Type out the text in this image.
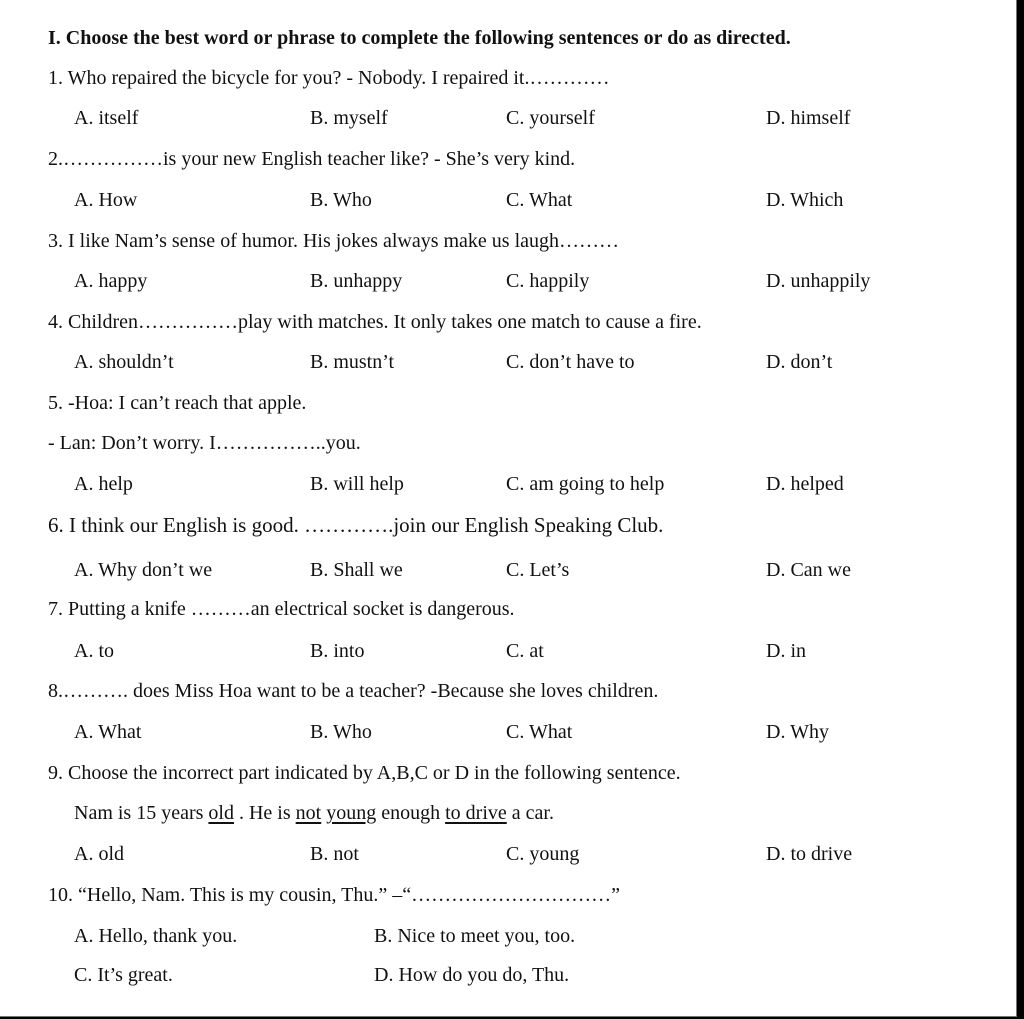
I. Choose the best word or phrase to complete the following sentences or do as directed.
1. Who repaired the bicycle for you? - Nobody. I repaired it.…………
A. itself	B. myself	C. yourself	D. himself
2.……………is your new English teacher like? - She’s very kind.
A. How	B. Who	C. What	D. Which
3. I like Nam’s sense of humor. His jokes always make us laugh………
A. happy	B. unhappy	C. happily	D. unhappily
4. Children……………play with matches. It only takes one match to cause a fire.
A. shouldn’t	B. mustn’t	C. don’t have to	D. don’t
5. -Hoa: I can’t reach that apple.
- Lan: Don’t worry. I……………..you.
A. help	B. will help	C. am going to help	D. helped
6. I think our English is good. ………….join our English Speaking Club.
A. Why don’t we	B. Shall we	C. Let’s	D. Can we
7. Putting a knife ………an electrical socket is dangerous.
A. to	B. into	C. at	D. in
8.………. does Miss Hoa want to be a teacher? -Because she loves children.
A. What	B. Who	C. What	D. Why
9. Choose the incorrect part indicated by A,B,C or D in the following sentence.
Nam is 15 years old . He is not young enough to drive a car.
A. old	B. not	C. young	D. to drive
10. “Hello, Nam. This is my cousin, Thu.” –“…………………………”
A. Hello, thank you.	B. Nice to meet you, too.
C. It’s great.	D. How do you do, Thu.
